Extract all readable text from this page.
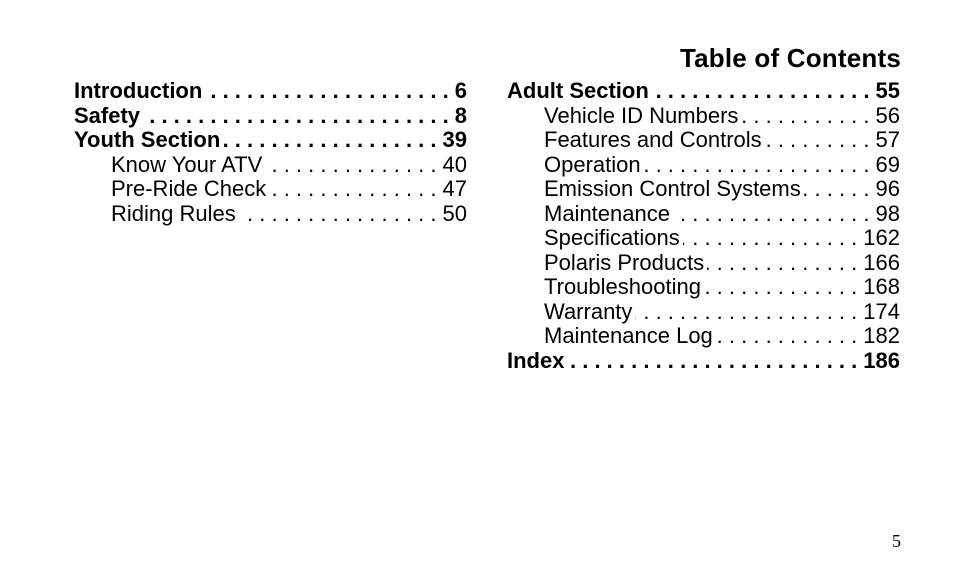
Table of Contents
Introduction . . .	6
Safety . . .	8
Youth Section . . .	39
Know Your ATV . . .	40
Pre-Ride Check . . .	47
Riding Rules . . .	50
Adult Section . . .	55
Vehicle ID Numbers . . .	56
Features and Controls . . .	57
Operation . . .	69
Emission Control Systems . . .	96
Maintenance . . .	98
Specifications . . .	162
Polaris Products . . .	166
Troubleshooting . . .	168
Warranty . . .	174
Maintenance Log . . .	182
Index . . .	186
5
